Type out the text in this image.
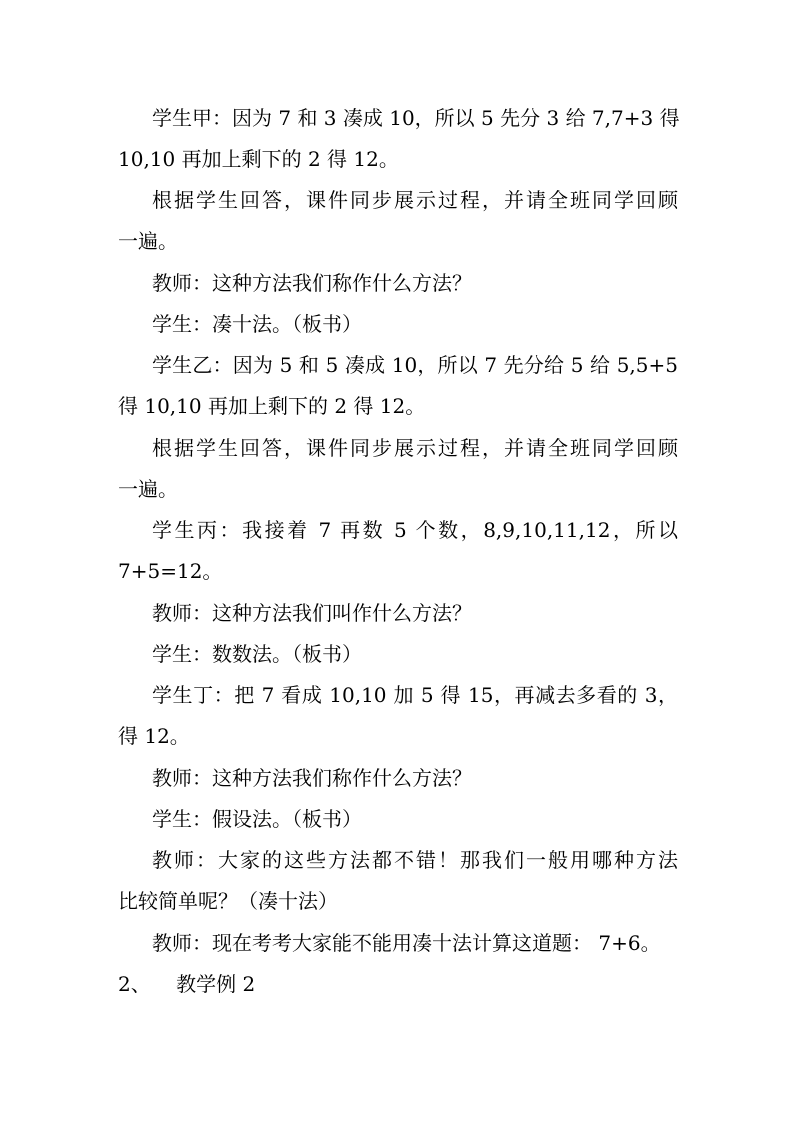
学生甲：因为 7 和 3 凑成 10，所以 5 先分 3 给 7,7+3 得
10,10 再加上剩下的 2 得 12。
根据学生回答，课件同步展示过程，并请全班同学回顾
一遍。
教师：这种方法我们称作什么方法？
学生：凑十法。（板书）
学生乙：因为 5 和 5 凑成 10，所以 7 先分给 5 给 5,5+5
得 10,10 再加上剩下的 2 得 12。
根据学生回答，课件同步展示过程，并请全班同学回顾
一遍。
学生丙：我接着 7 再数 5 个数，8,9,10,11,12，所以
7+5=12。
教师：这种方法我们叫作什么方法？
学生：数数法。（板书）
学生丁：把 7 看成 10,10 加 5 得 15，再减去多看的 3，
得 12。
教师：这种方法我们称作什么方法？
学生：假设法。（板书）
教师：大家的这些方法都不错！那我们一般用哪种方法
比较简单呢？（凑十法）
教师：现在考考大家能不能用凑十法计算这道题： 7+6。
2、    教学例 2
